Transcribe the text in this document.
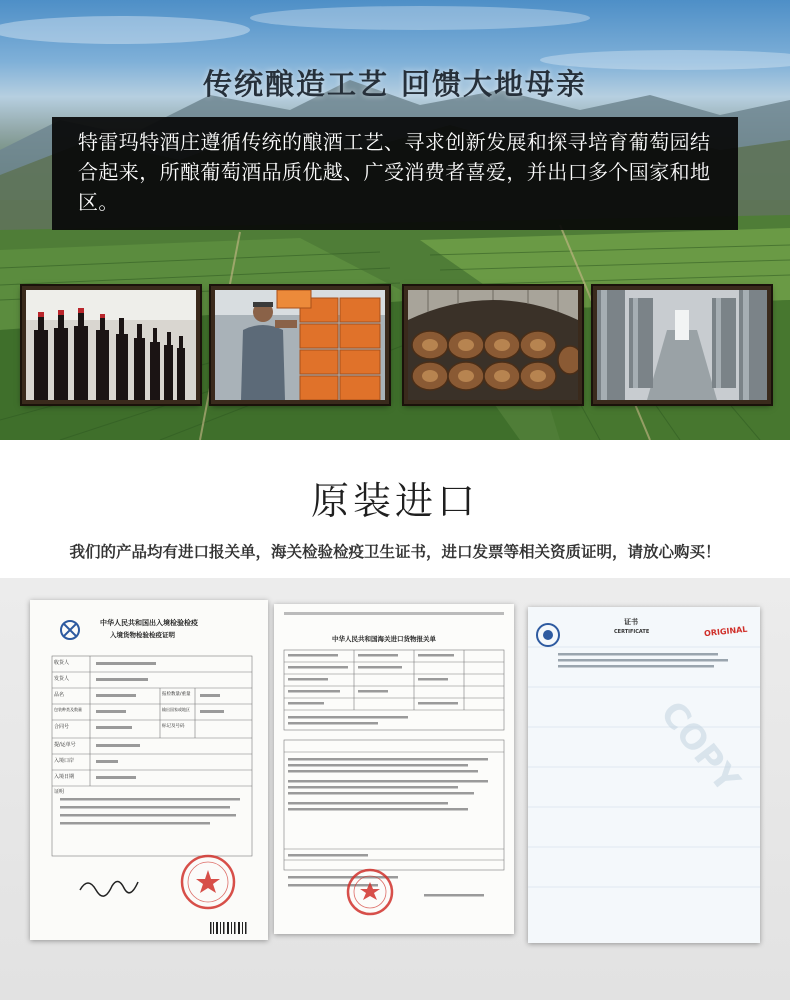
传统酿造工艺 回馈大地母亲
特雷玛特酒庄遵循传统的酿酒工艺、寻求创新发展和探寻培育葡萄园结合起来，所酿葡萄酒品质优越、广受消费者喜爱，并出口多个国家和地区。
原装进口
我们的产品均有进口报关单，海关检验检疫卫生证书，进口发票等相关资质证明，请放心购买！
中华人民共和国出入境检验检疫
入境货物检验检疫证明
收货人
发货人
品名	报检数量/重量
包装种类及数量	输出国家或地区
合同号	标记及号码
提/运单号
入境口岸
入境日期
证明
中华人民共和国海关进口货物报关单
证书
CERTIFICATE	ORIGINAL
COPY
